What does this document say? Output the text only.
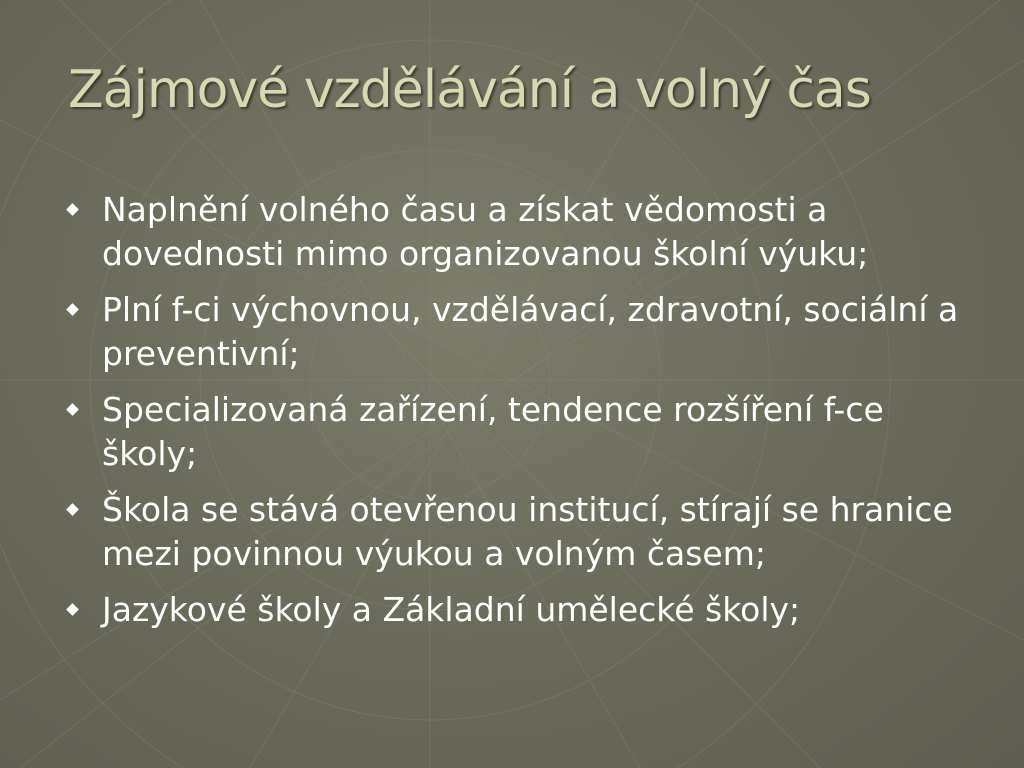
Zájmové vzdělávání a volný čas
Naplnění volného času a získat vědomosti a dovednosti mimo organizovanou školní výuku;
Plní f-ci výchovnou, vzdělávací, zdravotní, sociální a preventivní;
Specializovaná zařízení, tendence rozšíření f-ce školy;
Škola se stává otevřenou institucí, stírají se hranice mezi povinnou výukou a volným časem;
Jazykové školy a Základní umělecké školy;
